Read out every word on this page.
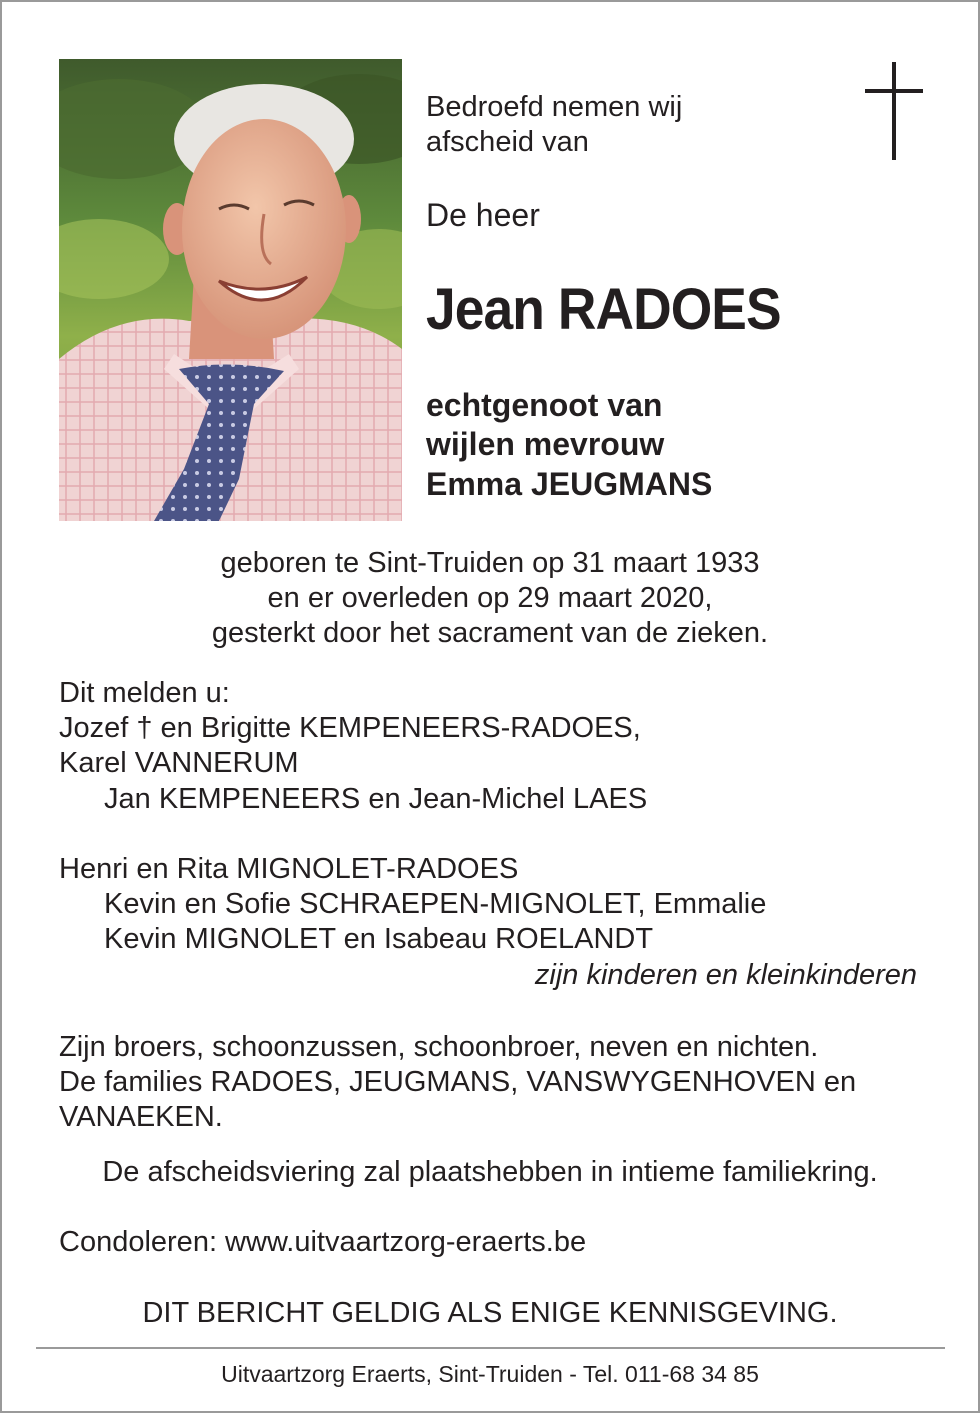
Bedroefd nemen wij
afscheid van
De heer
Jean RADOES
echtgenoot van
wijlen mevrouw
Emma JEUGMANS
geboren te Sint-Truiden op 31 maart 1933
en er overleden op 29 maart 2020,
gesterkt door het sacrament van de zieken.
Dit melden u:
Jozef † en Brigitte KEMPENEERS-RADOES,
Karel VANNERUM
Jan KEMPENEERS en Jean-Michel LAES
Henri en Rita MIGNOLET-RADOES
Kevin en Sofie SCHRAEPEN-MIGNOLET, Emmalie
Kevin MIGNOLET en Isabeau ROELANDT
zijn kinderen en kleinkinderen
Zijn broers, schoonzussen, schoonbroer, neven en nichten.
De families RADOES, JEUGMANS, VANSWYGENHOVEN en
VANAEKEN.
De afscheidsviering zal plaatshebben in intieme familiekring.
Condoleren: www.uitvaartzorg-eraerts.be
DIT BERICHT GELDIG ALS ENIGE KENNISGEVING.
Uitvaartzorg Eraerts, Sint-Truiden - Tel. 011-68 34 85
